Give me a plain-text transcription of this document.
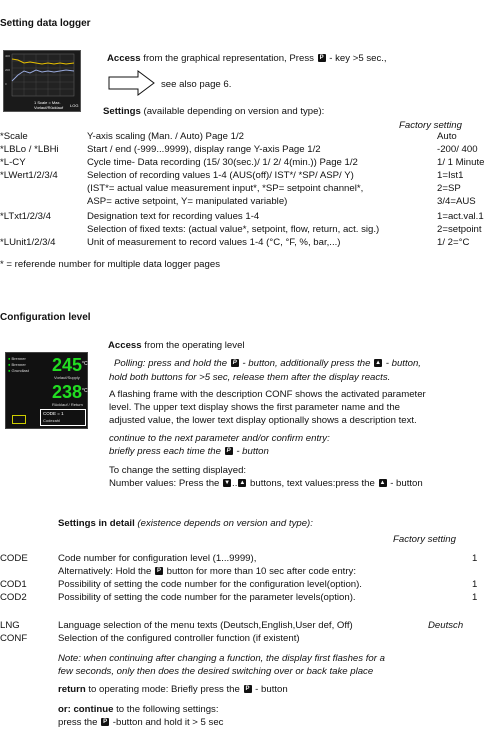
Setting data logger
400
200
0
1 Scale = Max.
Vorlauf/Rücklauf LOG
Access from the graphical representation, Press P - key >5 sec.,
see also page 6.
Settings (available depending on version and type):
Factory setting
*Scale	Y-axis scaling (Man. / Auto) Page 1/2	Auto
*LBLo / *LBHi	Start / end (-999...9999), display range Y-axis Page 1/2	-200/ 400
*L-CY	Cycle time- Data recording (15/ 30(sec.)/ 1/ 2/ 4(min.)) Page 1/2	1/ 1 Minute
*LWert1/2/3/4	Selection of recording values 1-4 (AUS(off)/ IST*/ *SP/ ASP/ Y)	1=Ist1
(IST*= actual value measurement input*, *SP= setpoint channel*,	2=SP
ASP= active setpoint, Y= manipulated variable)	3/4=AUS
*LTxt1/2/3/4	Designation text for recording values 1-4	1=act.val.1
Selection of fixed texts: (actual value*, setpoint, flow, return, act. sig.)	2=setpoint
*LUnit1/2/3/4	Unit of measurement to record values 1-4 (°C, °F, %, bar,...)	1/ 2=°C
* = referende number for multiple data logger pages
Configuration level
Access from the operating level
● Brenner
● Brenner
● Grundlast 245 °C
Vorlauf/Supply
238 °C
Rücklauf / Return
CODE = 1
Codezahl
Polling: press and hold the P - button, additionally press the ▲ - button,
hold both buttons for >5 sec, release them after the display reacts.
A flashing frame with the description CONF shows the activated parameter
level. The upper text display shows the first parameter name and the
adjusted value, the lower text display optionally shows a description text.
continue to the next parameter and/or confirm entry:
briefly press each time the P - button
To change the setting displayed:
Number values: Press the ▼ .. ▲ buttons, text values:press the ▲ - button
Settings in detail (existence depends on version and type):
Factory setting
CODE	Code number for configuration level (1...9999),	1
Alternatively: Hold the P button for more than 10 sec after code entry:
COD1	Possibility of setting the code number for the configuration level(option).	1
COD2	Possibility of setting the code number for the parameter levels(option).	1
LNG	Language selection of the menu texts (Deutsch,English,User def, Off)	Deutsch
CONF	Selection of the configured controller function (if existent)
Note: when continuing after changing a function, the display first flashes for a
few seconds, only then does the desired switching over or back take place
return to operating mode: Briefly press the P - button
or: continue to the following settings:
press the P -button and hold it > 5 sec
